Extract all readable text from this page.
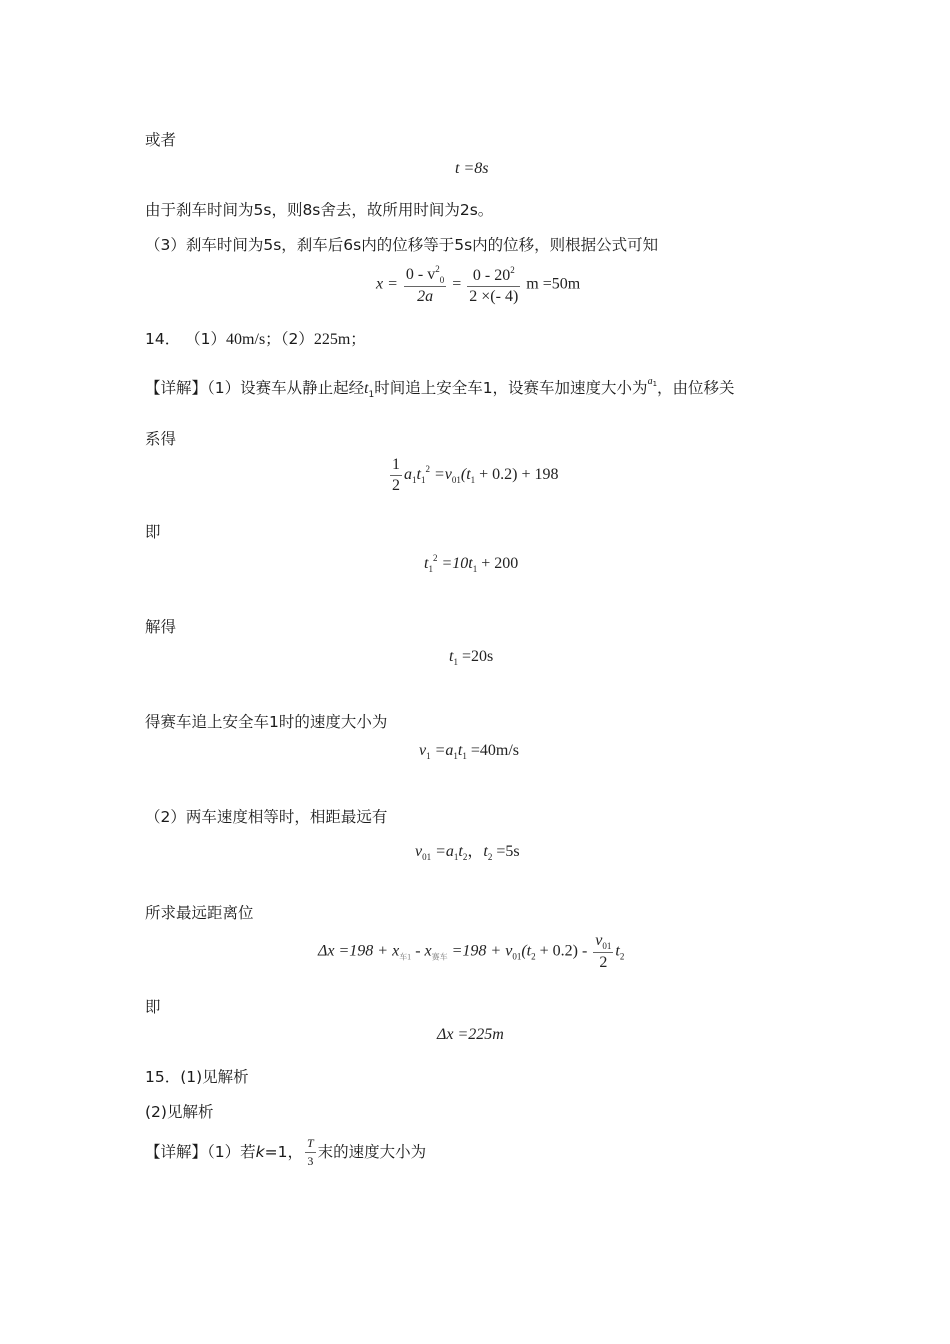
或者
t =8s
由于刹车时间为5s，则8s舍去，故所用时间为2s。
（3）刹车时间为5s，刹车后6s内的位移等于5s内的位移，则根据公式可知
$x = \frac{0 - v^2_0}{2a} = \frac{0 - 20^2}{2 \times(- 4)}$ m =50m
14． （1）40m/s；（2）225m；
【详解】（1）设赛车从静止起经$t_1$时间追上安全车1，设赛车加速度大小为$^{a1}$，由位移关
系得
$\frac{1}{2} a_1t_1^2 =v_{01}(t_1 + 0.2) + 198$
即
$t_1^2 =10t_1 + 200$
解得
$t_1 =20s$
得赛车追上安全车1时的速度大小为
$v_1 =a_1t_1 =40m/s$
（2）两车速度相等时，相距最远有
$v_{01} =a_1t_2$，$t_2 =5s$
所求最远距离位
$\Delta x =198 + x_{车1} - x_{赛车} =198 + v_{01}(t_2 + 0.2) - \frac{v_{01}}{2} t_2$
即
Δx =225m
15．(1)见解析
(2)见解析
【详解】（1）若k=1， $\frac{T}{3}$ 末的速度大小为
